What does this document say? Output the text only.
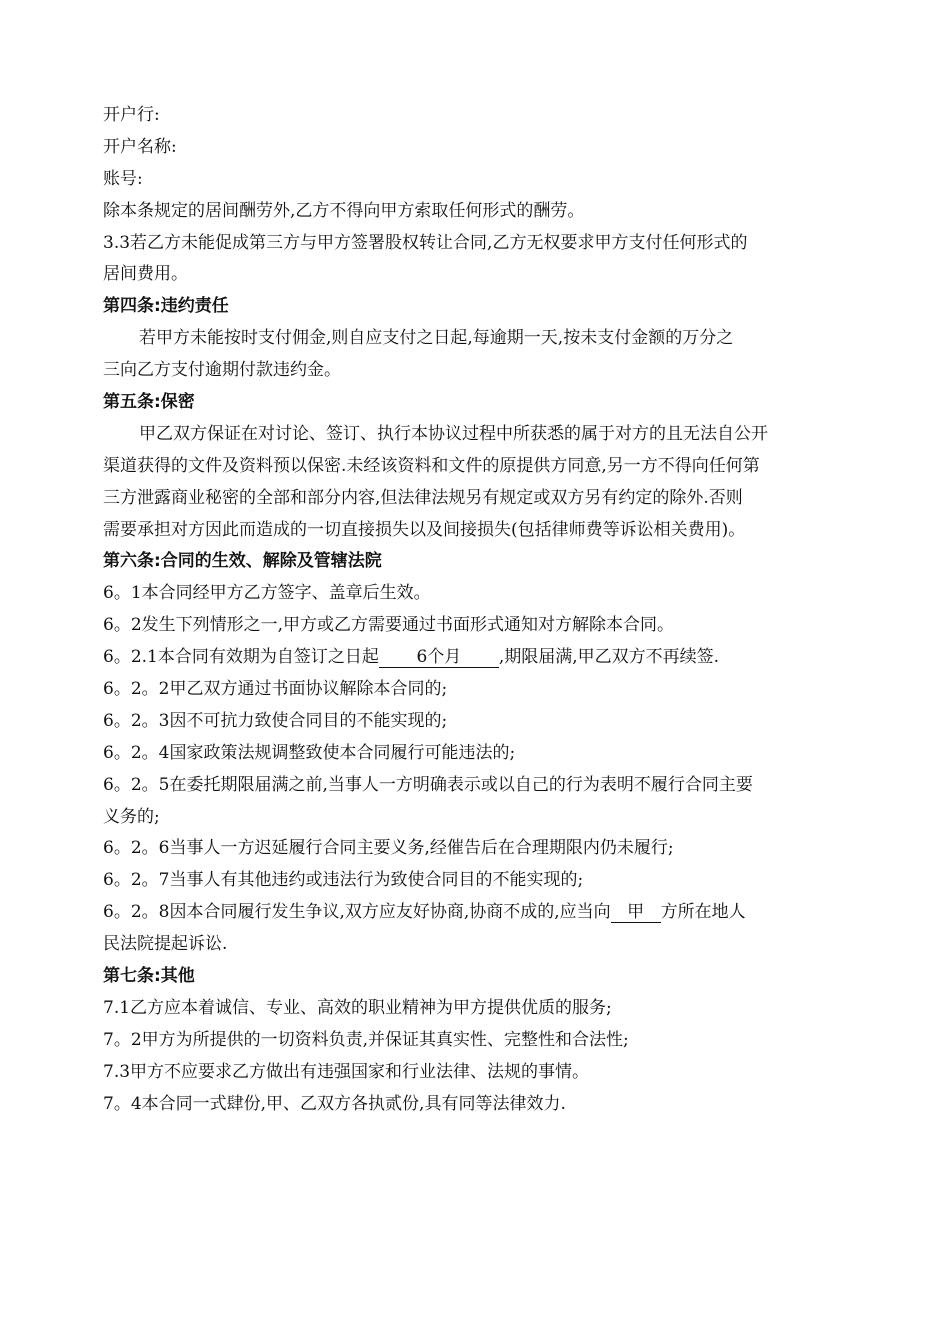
开户行:
开户名称:
账号:
除本条规定的居间酬劳外,乙方不得向甲方索取任何形式的酬劳。
3.3若乙方未能促成第三方与甲方签署股权转让合同,乙方无权要求甲方支付任何形式的
居间费用。
第四条:违约责任
若甲方未能按时支付佣金,则自应支付之日起,每逾期一天,按未支付金额的万分之
三向乙方支付逾期付款违约金。
第五条:保密
甲乙双方保证在对讨论、签订、执行本协议过程中所获悉的属于对方的且无法自公开
渠道获得的文件及资料预以保密.未经该资料和文件的原提供方同意,另一方不得向任何第
三方泄露商业秘密的全部和部分内容,但法律法规另有规定或双方另有约定的除外.否则
需要承担对方因此而造成的一切直接损失以及间接损失(包括律师费等诉讼相关费用)。
第六条:合同的生效、解除及管辖法院
6。1本合同经甲方乙方签字、盖章后生效。
6。2发生下列情形之一,甲方或乙方需要通过书面形式通知对方解除本合同。
6。2.1本合同有效期为自签订之日起 6个月 ,期限届满,甲乙双方不再续签.
6。2。2甲乙双方通过书面协议解除本合同的;
6。2。3因不可抗力致使合同目的不能实现的;
6。2。4国家政策法规调整致使本合同履行可能违法的;
6。2。5在委托期限届满之前,当事人一方明确表示或以自己的行为表明不履行合同主要
义务的;
6。2。6当事人一方迟延履行合同主要义务,经催告后在合理期限内仍未履行;
6。2。7当事人有其他违约或违法行为致使合同目的不能实现的;
6。2。8因本合同履行发生争议,双方应友好协商,协商不成的,应当向 甲 方所在地人
民法院提起诉讼.
第七条:其他
7.1乙方应本着诚信、专业、高效的职业精神为甲方提供优质的服务;
7。2甲方为所提供的一切资料负责,并保证其真实性、完整性和合法性;
7.3甲方不应要求乙方做出有违强国家和行业法律、法规的事情。
7。4本合同一式肆份,甲、乙双方各执贰份,具有同等法律效力.
